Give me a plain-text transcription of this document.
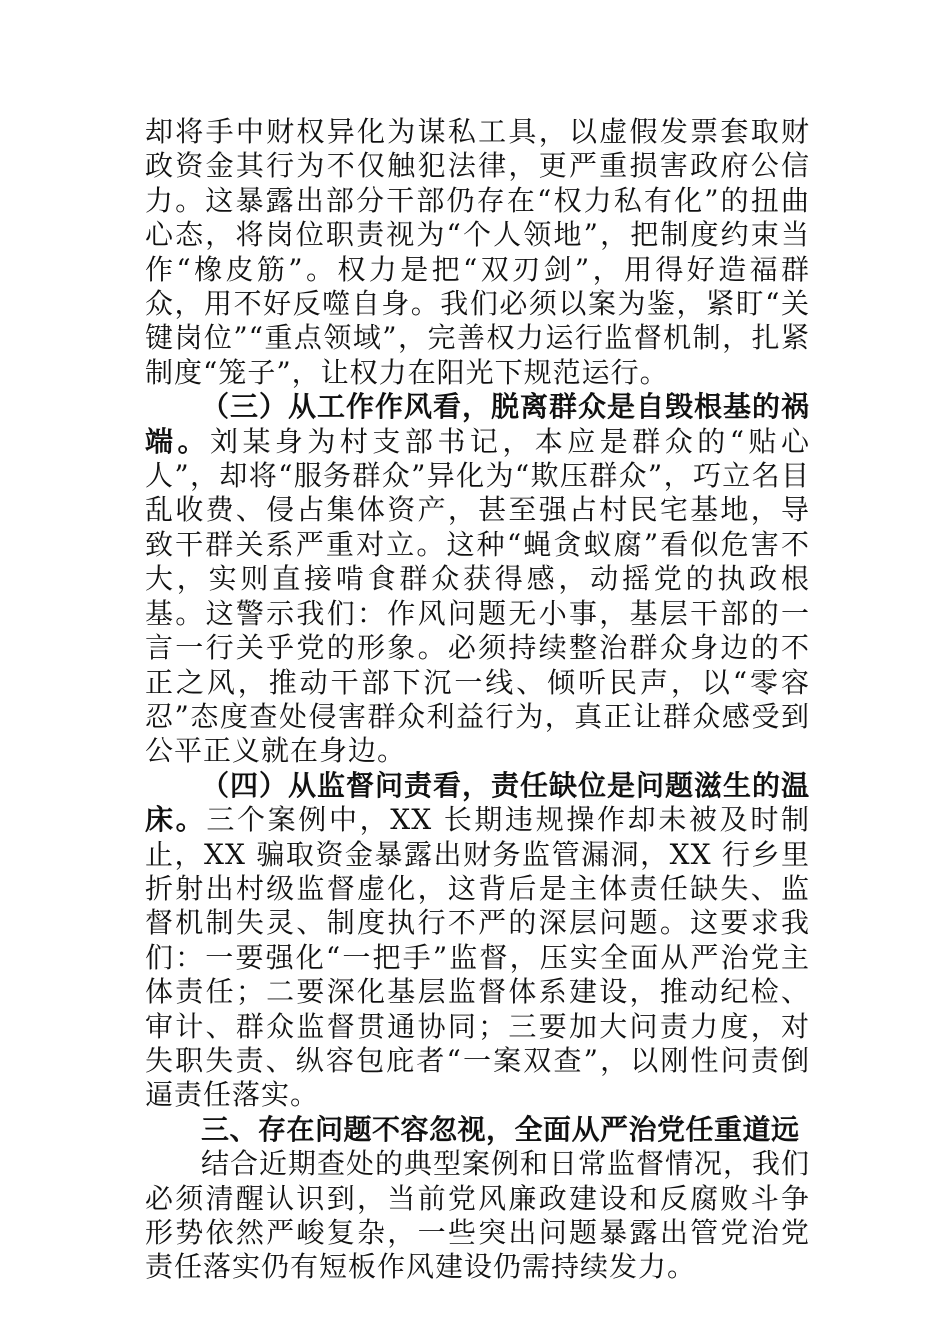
却将手中财权异化为谋私工具，以虚假发票套取财政资金其行为不仅触犯法律，更严重损害政府公信力。这暴露出部分干部仍存在“权力私有化”的扭曲心态，将岗位职责视为“个人领地”，把制度约束当作“橡皮筋”。权力是把“双刃剑”，用得好造福群众，用不好反噬自身。我们必须以案为鉴，紧盯“关键岗位”“重点领域”，完善权力运行监督机制，扎紧制度“笼子”，让权力在阳光下规范运行。

（三）从工作作风看，脱离群众是自毁根基的祸端。刘某身为村支部书记，本应是群众的“贴心人”，却将“服务群众”异化为“欺压群众”，巧立名目乱收费、侵占集体资产，甚至强占村民宅基地，导致干群关系严重对立。这种“蝇贪蚁腐”看似危害不大，实则直接啃食群众获得感，动摇党的执政根基。这警示我们：作风问题无小事，基层干部的一言一行关乎党的形象。必须持续整治群众身边的不正之风，推动干部下沉一线、倾听民声，以“零容忍”态度查处侵害群众利益行为，真正让群众感受到公平正义就在身边。

（四）从监督问责看，责任缺位是问题滋生的温床。三个案例中，XX 长期违规操作却未被及时制止，XX 骗取资金暴露出财务监管漏洞，XX 行乡里折射出村级监督虚化，这背后是主体责任缺失、监督机制失灵、制度执行不严的深层问题。这要求我们：一要强化“一把手”监督，压实全面从严治党主体责任；二要深化基层监督体系建设，推动纪检、审计、群众监督贯通协同；三要加大问责力度，对失职失责、纵容包庇者“一案双查”，以刚性问责倒逼责任落实。

三、存在问题不容忽视，全面从严治党任重道远

结合近期查处的典型案例和日常监督情况，我们必须清醒认识到，当前党风廉政建设和反腐败斗争形势依然严峻复杂，一些突出问题暴露出管党治党责任落实仍有短板作风建设仍需持续发力。
